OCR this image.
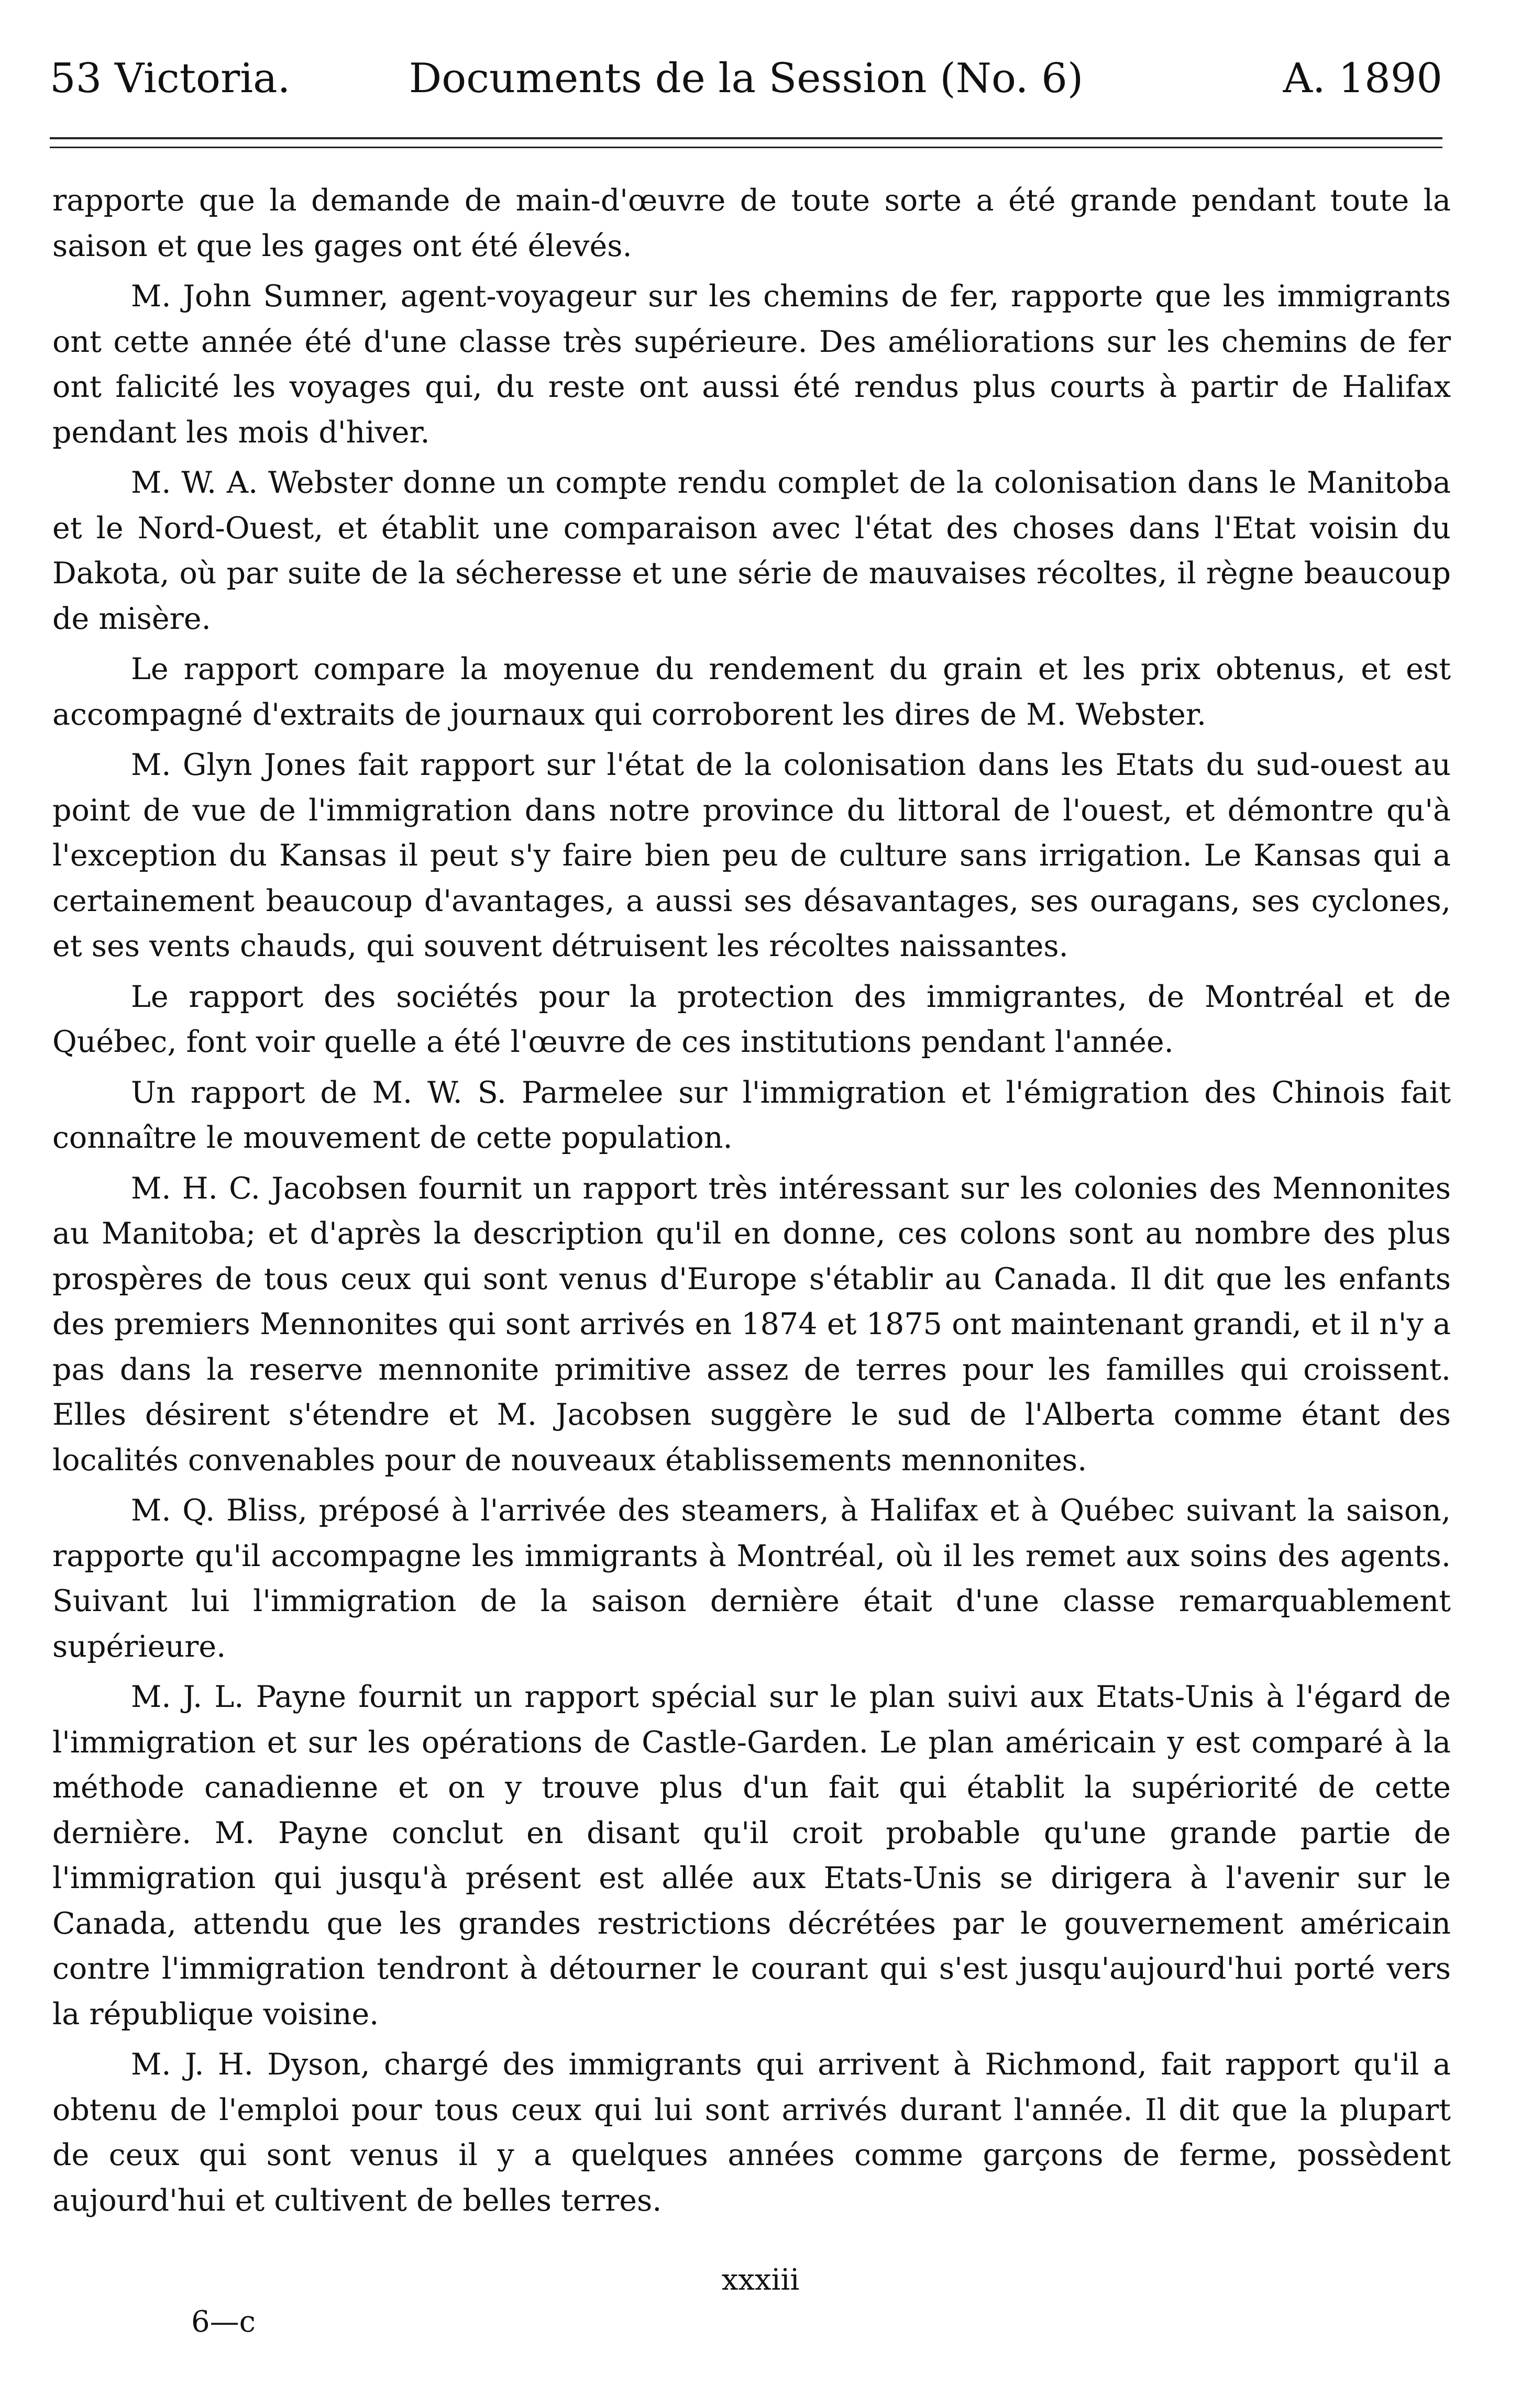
53 Victoria.	Documents de la Session (No. 6)	A. 1890

rapporte que la demande de main-d'œuvre de toute sorte a été grande pendant toute la saison et que les gages ont été élevés.

M. John Sumner, agent-voyageur sur les chemins de fer, rapporte que les immigrants ont cette année été d'une classe très supérieure. Des améliorations sur les chemins de fer ont falicité les voyages qui, du reste ont aussi été rendus plus courts à partir de Halifax pendant les mois d'hiver.

M. W. A. Webster donne un compte rendu complet de la colonisation dans le Manitoba et le Nord-Ouest, et établit une comparaison avec l'état des choses dans l'Etat voisin du Dakota, où par suite de la sécheresse et une série de mauvaises récoltes, il règne beaucoup de misère.

Le rapport compare la moyenue du rendement du grain et les prix obtenus, et est accompagné d'extraits de journaux qui corroborent les dires de M. Webster.

M. Glyn Jones fait rapport sur l'état de la colonisation dans les Etats du sud-ouest au point de vue de l'immigration dans notre province du littoral de l'ouest, et démontre qu'à l'exception du Kansas il peut s'y faire bien peu de culture sans irrigation. Le Kansas qui a certainement beaucoup d'avantages, a aussi ses désavantages, ses ouragans, ses cyclones, et ses vents chauds, qui souvent détruisent les récoltes naissantes.

Le rapport des sociétés pour la protection des immigrantes, de Montréal et de Québec, font voir quelle a été l'œuvre de ces institutions pendant l'année.

Un rapport de M. W. S. Parmelee sur l'immigration et l'émigration des Chinois fait connaître le mouvement de cette population.

M. H. C. Jacobsen fournit un rapport très intéressant sur les colonies des Mennonites au Manitoba; et d'après la description qu'il en donne, ces colons sont au nombre des plus prospères de tous ceux qui sont venus d'Europe s'établir au Canada. Il dit que les enfants des premiers Mennonites qui sont arrivés en 1874 et 1875 ont maintenant grandi, et il n'y a pas dans la reserve mennonite primitive assez de terres pour les familles qui croissent. Elles désirent s'étendre et M. Jacobsen suggère le sud de l'Alberta comme étant des localités convenables pour de nouveaux établissements mennonites.

M. Q. Bliss, préposé à l'arrivée des steamers, à Halifax et à Québec suivant la saison, rapporte qu'il accompagne les immigrants à Montréal, où il les remet aux soins des agents. Suivant lui l'immigration de la saison dernière était d'une classe remarquablement supérieure.

M. J. L. Payne fournit un rapport spécial sur le plan suivi aux Etats-Unis à l'égard de l'immigration et sur les opérations de Castle-Garden. Le plan américain y est comparé à la méthode canadienne et on y trouve plus d'un fait qui établit la supériorité de cette dernière. M. Payne conclut en disant qu'il croit probable qu'une grande partie de l'immigration qui jusqu'à présent est allée aux Etats-Unis se dirigera à l'avenir sur le Canada, attendu que les grandes restrictions décrétées par le gouvernement américain contre l'immigration tendront à détourner le courant qui s'est jusqu'aujourd'hui porté vers la république voisine.

M. J. H. Dyson, chargé des immigrants qui arrivent à Richmond, fait rapport qu'il a obtenu de l'emploi pour tous ceux qui lui sont arrivés durant l'année. Il dit que la plupart de ceux qui sont venus il y a quelques années comme garçons de ferme, possèdent aujourd'hui et cultivent de belles terres.

xxxiii
6—c
